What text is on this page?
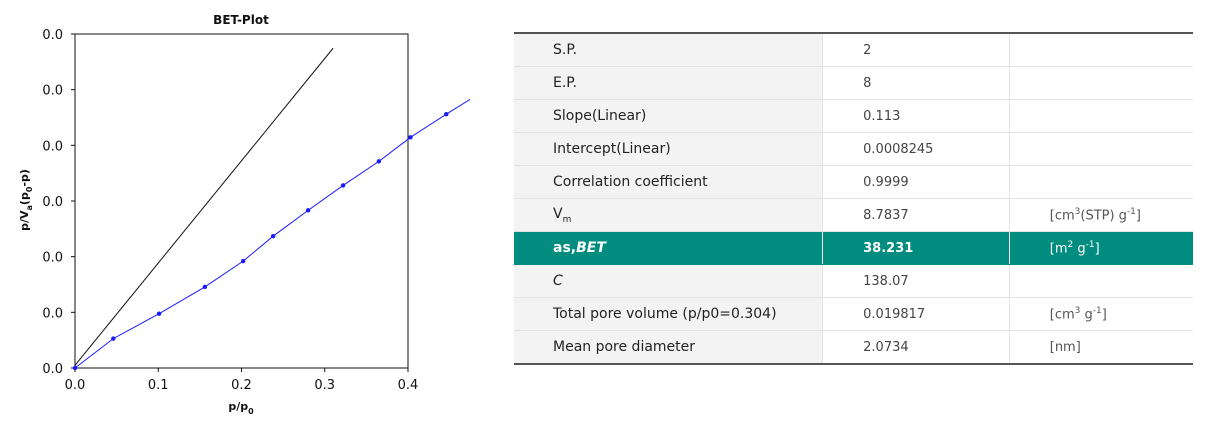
BET-Plot
0.0
0.0
0.0
0.0
0.0
0.0
0.0
0.0	0.1	0.2	0.3	0.4
$p/p_0$
$p/V_a(p_0-p)$
S.P.	2	
E.P.	8	
Slope(Linear)	0.113	
Intercept(Linear)	0.0008245	
Correlation coefficient	0.9999	
$V_m$	8.7837	[$cm^3(STP)$ $g^{-1}$]
as,BET	38.231	[$m^2$ $g^{-1}$]
C	138.07	
Total pore volume (p/p0=0.304)	0.019817	[$cm^3$ $g^{-1}$]
Mean pore diameter	2.0734	[nm]
